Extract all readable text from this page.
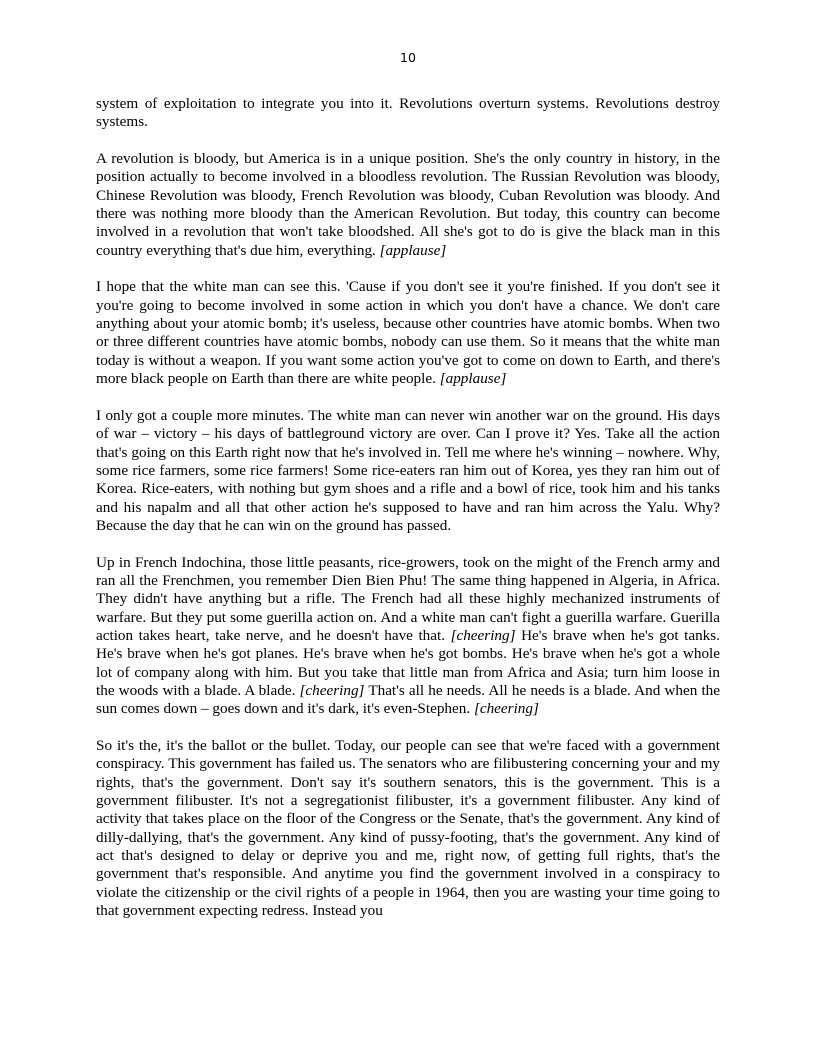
10

system of exploitation to integrate you into it. Revolutions overturn systems. Revolutions destroy systems.

A revolution is bloody, but America is in a unique position. She's the only country in history, in the position actually to become involved in a bloodless revolution. The Russian Revolution was bloody, Chinese Revolution was bloody, French Revolution was bloody, Cuban Revolution was bloody. And there was nothing more bloody than the American Revolution. But today, this country can become involved in a revolution that won't take bloodshed. All she's got to do is give the black man in this country everything that's due him, everything. [applause]

I hope that the white man can see this. 'Cause if you don't see it you're finished. If you don't see it you're going to become involved in some action in which you don't have a chance. We don't care anything about your atomic bomb; it's useless, because other countries have atomic bombs. When two or three different countries have atomic bombs, nobody can use them. So it means that the white man today is without a weapon. If you want some action you've got to come on down to Earth, and there's more black people on Earth than there are white people. [applause]

I only got a couple more minutes. The white man can never win another war on the ground. His days of war – victory – his days of battleground victory are over. Can I prove it? Yes. Take all the action that's going on this Earth right now that he's involved in. Tell me where he's winning – nowhere. Why, some rice farmers, some rice farmers! Some rice-eaters ran him out of Korea, yes they ran him out of Korea. Rice-eaters, with nothing but gym shoes and a rifle and a bowl of rice, took him and his tanks and his napalm and all that other action he's supposed to have and ran him across the Yalu. Why? Because the day that he can win on the ground has passed.

Up in French Indochina, those little peasants, rice-growers, took on the might of the French army and ran all the Frenchmen, you remember Dien Bien Phu! The same thing happened in Algeria, in Africa. They didn't have anything but a rifle. The French had all these highly mechanized instruments of warfare. But they put some guerilla action on. And a white man can't fight a guerilla warfare. Guerilla action takes heart, take nerve, and he doesn't have that. [cheering] He's brave when he's got tanks. He's brave when he's got planes. He's brave when he's got bombs. He's brave when he's got a whole lot of company along with him. But you take that little man from Africa and Asia; turn him loose in the woods with a blade. A blade. [cheering] That's all he needs. All he needs is a blade. And when the sun comes down – goes down and it's dark, it's even-Stephen. [cheering]

So it's the, it's the ballot or the bullet. Today, our people can see that we're faced with a government conspiracy. This government has failed us. The senators who are filibustering concerning your and my rights, that's the government. Don't say it's southern senators, this is the government. This is a government filibuster. It's not a segregationist filibuster, it's a government filibuster. Any kind of activity that takes place on the floor of the Congress or the Senate, that's the government. Any kind of dilly-dallying, that's the government. Any kind of pussy-footing, that's the government. Any kind of act that's designed to delay or deprive you and me, right now, of getting full rights, that's the government that's responsible. And anytime you find the government involved in a conspiracy to violate the citizenship or the civil rights of a people in 1964, then you are wasting your time going to that government expecting redress. Instead you
